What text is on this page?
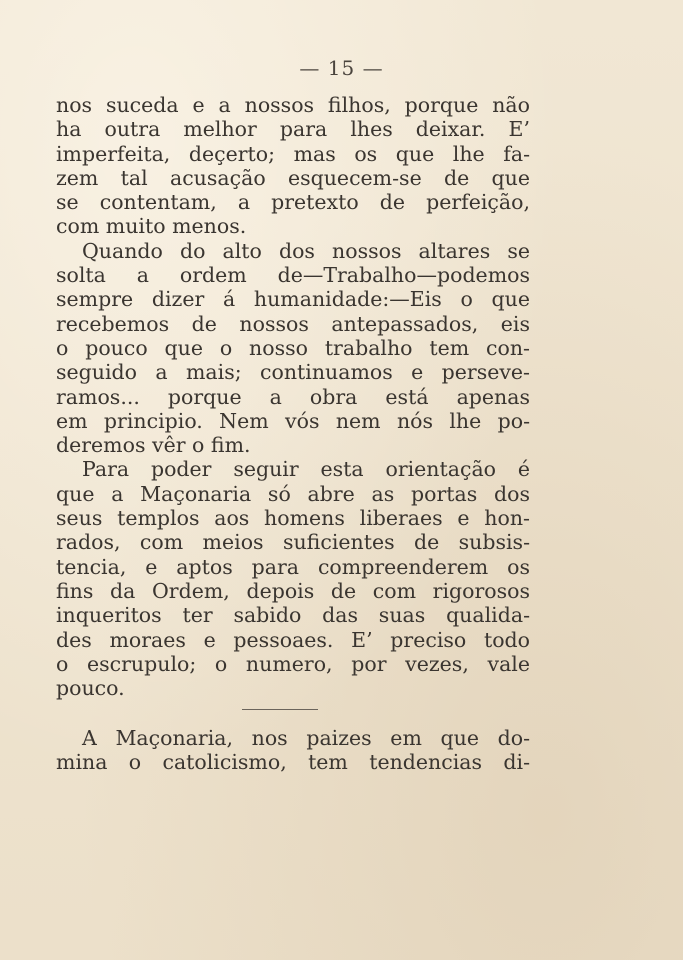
— 15 —
nos suceda e a nossos filhos, porque não
ha outra melhor para lhes deixar. E’
imperfeita, deçerto; mas os que lhe fa-
zem tal acusação esquecem-se de que
se contentam, a pretexto de perfeição,
com muito menos.
Quando do alto dos nossos altares se
solta a ordem de—Trabalho—podemos
sempre dizer á humanidade:—Eis o que
recebemos de nossos antepassados, eis
o pouco que o nosso trabalho tem con-
seguido a mais; continuamos e perseve-
ramos... porque a obra está apenas
em principio. Nem vós nem nós lhe po-
deremos vêr o fim.
Para poder seguir esta orientação é
que a Maçonaria só abre as portas dos
seus templos aos homens liberaes e hon-
rados, com meios suficientes de subsis-
tencia, e aptos para compreenderem os
fins da Ordem, depois de com rigorosos
inqueritos ter sabido das suas qualida-
des moraes e pessoaes. E’ preciso todo
o escrupulo; o numero, por vezes, vale
pouco.
A Maçonaria, nos paizes em que do-
mina o catolicismo, tem tendencias di-
